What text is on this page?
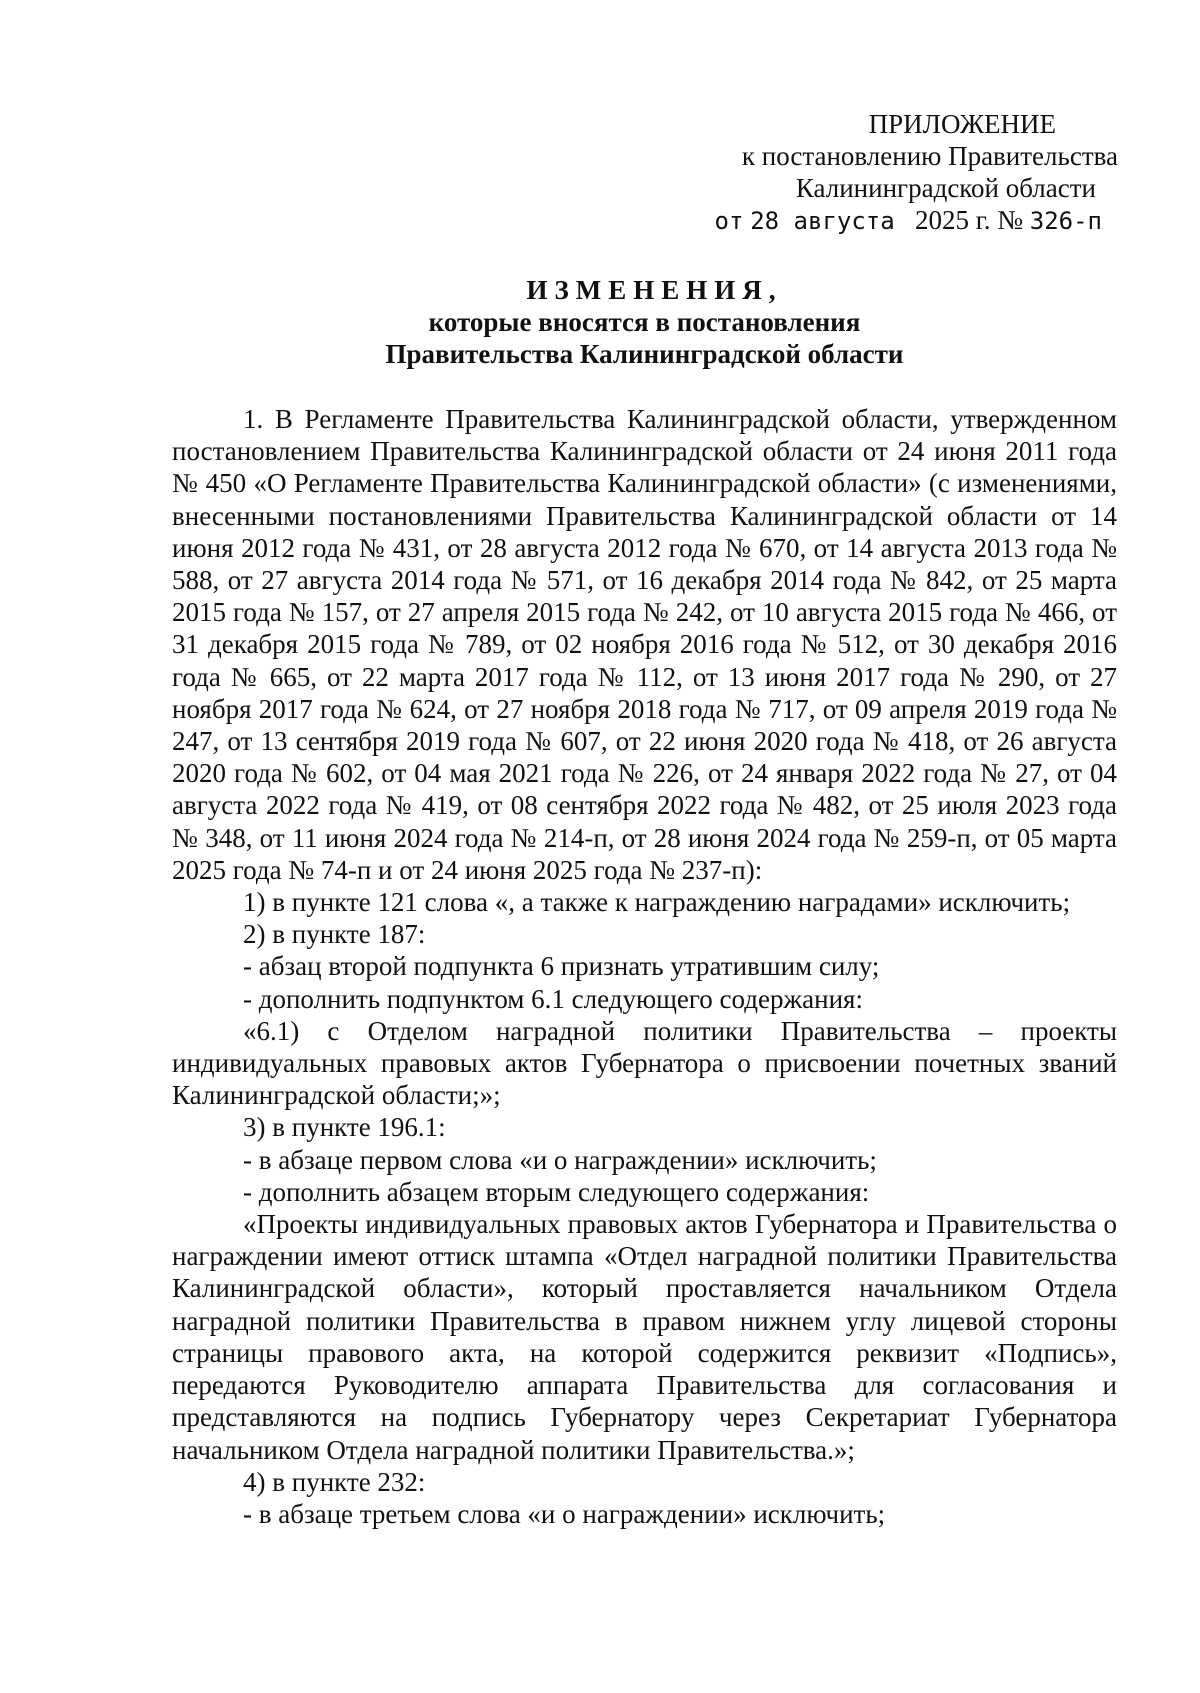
ПРИЛОЖЕНИЕ
к постановлению Правительства
Калининградской области
от 28 августа 2025 г. № 326-п
ИЗМЕНЕНИЯ,
которые вносятся в постановления
Правительства Калининградской области

1. В Регламенте Правительства Калининградской области, утвержденном постановлением Правительства Калининградской области от 24 июня 2011 года № 450 «О Регламенте Правительства Калининградской области» (с изменениями, внесенными постановлениями Правительства Калининградской области от 14 июня 2012 года № 431, от 28 августа 2012 года № 670, от 14 августа 2013 года № 588, от 27 августа 2014 года № 571, от 16 декабря 2014 года № 842, от 25 марта 2015 года № 157, от 27 апреля 2015 года № 242, от 10 августа 2015 года № 466, от 31 декабря 2015 года № 789, от 02 ноября 2016 года № 512, от 30 декабря 2016 года № 665, от 22 марта 2017 года № 112, от 13 июня 2017 года № 290, от 27 ноября 2017 года № 624, от 27 ноября 2018 года № 717, от 09 апреля 2019 года № 247, от 13 сентября 2019 года № 607, от 22 июня 2020 года № 418, от 26 августа 2020 года № 602, от 04 мая 2021 года № 226, от 24 января 2022 года № 27, от 04 августа 2022 года № 419, от 08 сентября 2022 года № 482, от 25 июля 2023 года № 348, от 11 июня 2024 года № 214-п, от 28 июня 2024 года № 259-п, от 05 марта 2025 года № 74-п и от 24 июня 2025 года № 237-п):

1) в пункте 121 слова «, а также к награждению наградами» исключить;

2) в пункте 187:

- абзац второй подпункта 6 признать утратившим силу;

- дополнить подпунктом 6.1 следующего содержания:

«6.1) с Отделом наградной политики Правительства – проекты индивидуальных правовых актов Губернатора о присвоении почетных званий Калининградской области;»;

3) в пункте 196.1:

- в абзаце первом слова «и о награждении» исключить;

- дополнить абзацем вторым следующего содержания:

«Проекты индивидуальных правовых актов Губернатора и Правительства о награждении имеют оттиск штампа «Отдел наградной политики Правительства Калининградской области», который проставляется начальником Отдела наградной политики Правительства в правом нижнем углу лицевой стороны страницы правового акта, на которой содержится реквизит «Подпись», передаются Руководителю аппарата Правительства для согласования и представляются на подпись Губернатору через Секретариат Губернатора начальником Отдела наградной политики Правительства.»;

4) в пункте 232:

- в абзаце третьем слова «и о награждении» исключить;
